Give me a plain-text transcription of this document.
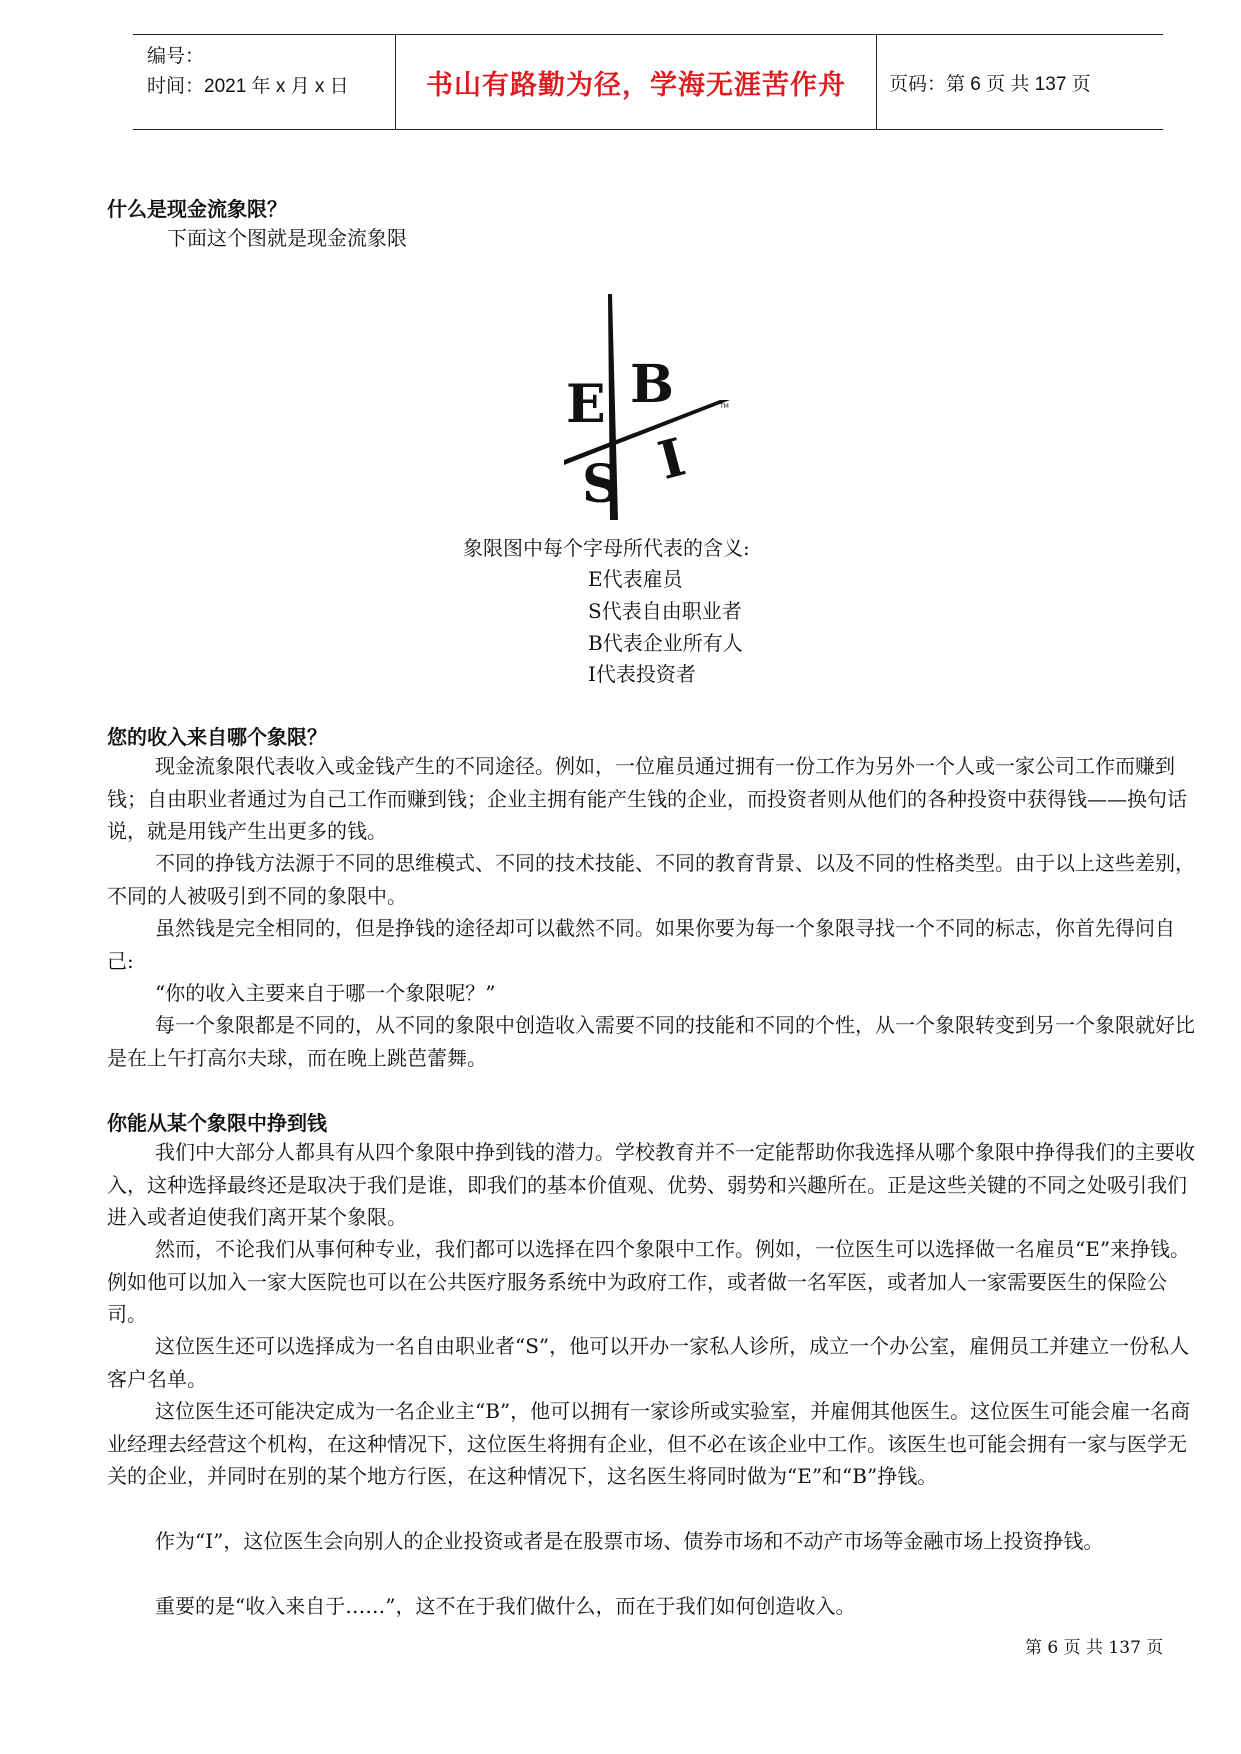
编号：
时间：2021 年 x 月 x 日	书山有路勤为径，学海无涯苦作舟 页码：第 6 页 共 137 页
什么是现金流象限？
下面这个图就是现金流象限
E B
S I
TM
象限图中每个字母所代表的含义:
E代表雇员
S代表自由职业者
B代表企业所有人
I代表投资者
您的收入来自哪个象限？
现金流象限代表收入或金钱产生的不同途径。例如，一位雇员通过拥有一份工作为另外一个人或一家公司工作而赚到钱；自由职业者通过为自己工作而赚到钱；企业主拥有能产生钱的企业，而投资者则从他们的各种投资中获得钱——换句话说，就是用钱产生出更多的钱。
不同的挣钱方法源于不同的思维模式、不同的技术技能、不同的教育背景、以及不同的性格类型。由于以上这些差别，不同的人被吸引到不同的象限中。
虽然钱是完全相同的，但是挣钱的途径却可以截然不同。如果你要为每一个象限寻找一个不同的标志，你首先得问自己:
“你的收入主要来自于哪一个象限呢？”
每一个象限都是不同的，从不同的象限中创造收入需要不同的技能和不同的个性，从一个象限转变到另一个象限就好比是在上午打高尔夫球，而在晚上跳芭蕾舞。
你能从某个象限中挣到钱
我们中大部分人都具有从四个象限中挣到钱的潜力。学校教育并不一定能帮助你我选择从哪个象限中挣得我们的主要收入，这种选择最终还是取决于我们是谁，即我们的基本价值观、优势、弱势和兴趣所在。正是这些关键的不同之处吸引我们进入或者迫使我们离开某个象限。
然而，不论我们从事何种专业，我们都可以选择在四个象限中工作。例如，一位医生可以选择做一名雇员“E”来挣钱。例如他可以加入一家大医院也可以在公共医疗服务系统中为政府工作，或者做一名军医，或者加人一家需要医生的保险公司。
这位医生还可以选择成为一名自由职业者“S”，他可以开办一家私人诊所，成立一个办公室，雇佣员工并建立一份私人客户名单。
这位医生还可能决定成为一名企业主“B”，他可以拥有一家诊所或实验室，并雇佣其他医生。这位医生可能会雇一名商业经理去经营这个机构，在这种情况下，这位医生将拥有企业，但不必在该企业中工作。该医生也可能会拥有一家与医学无关的企业，并同时在别的某个地方行医，在这种情况下，这名医生将同时做为“E”和“B”挣钱。
作为“I”，这位医生会向别人的企业投资或者是在股票市场、债券市场和不动产市场等金融市场上投资挣钱。
重要的是“收入来自于……”，这不在于我们做什么，而在于我们如何创造收入。
第 6 页 共 137 页
